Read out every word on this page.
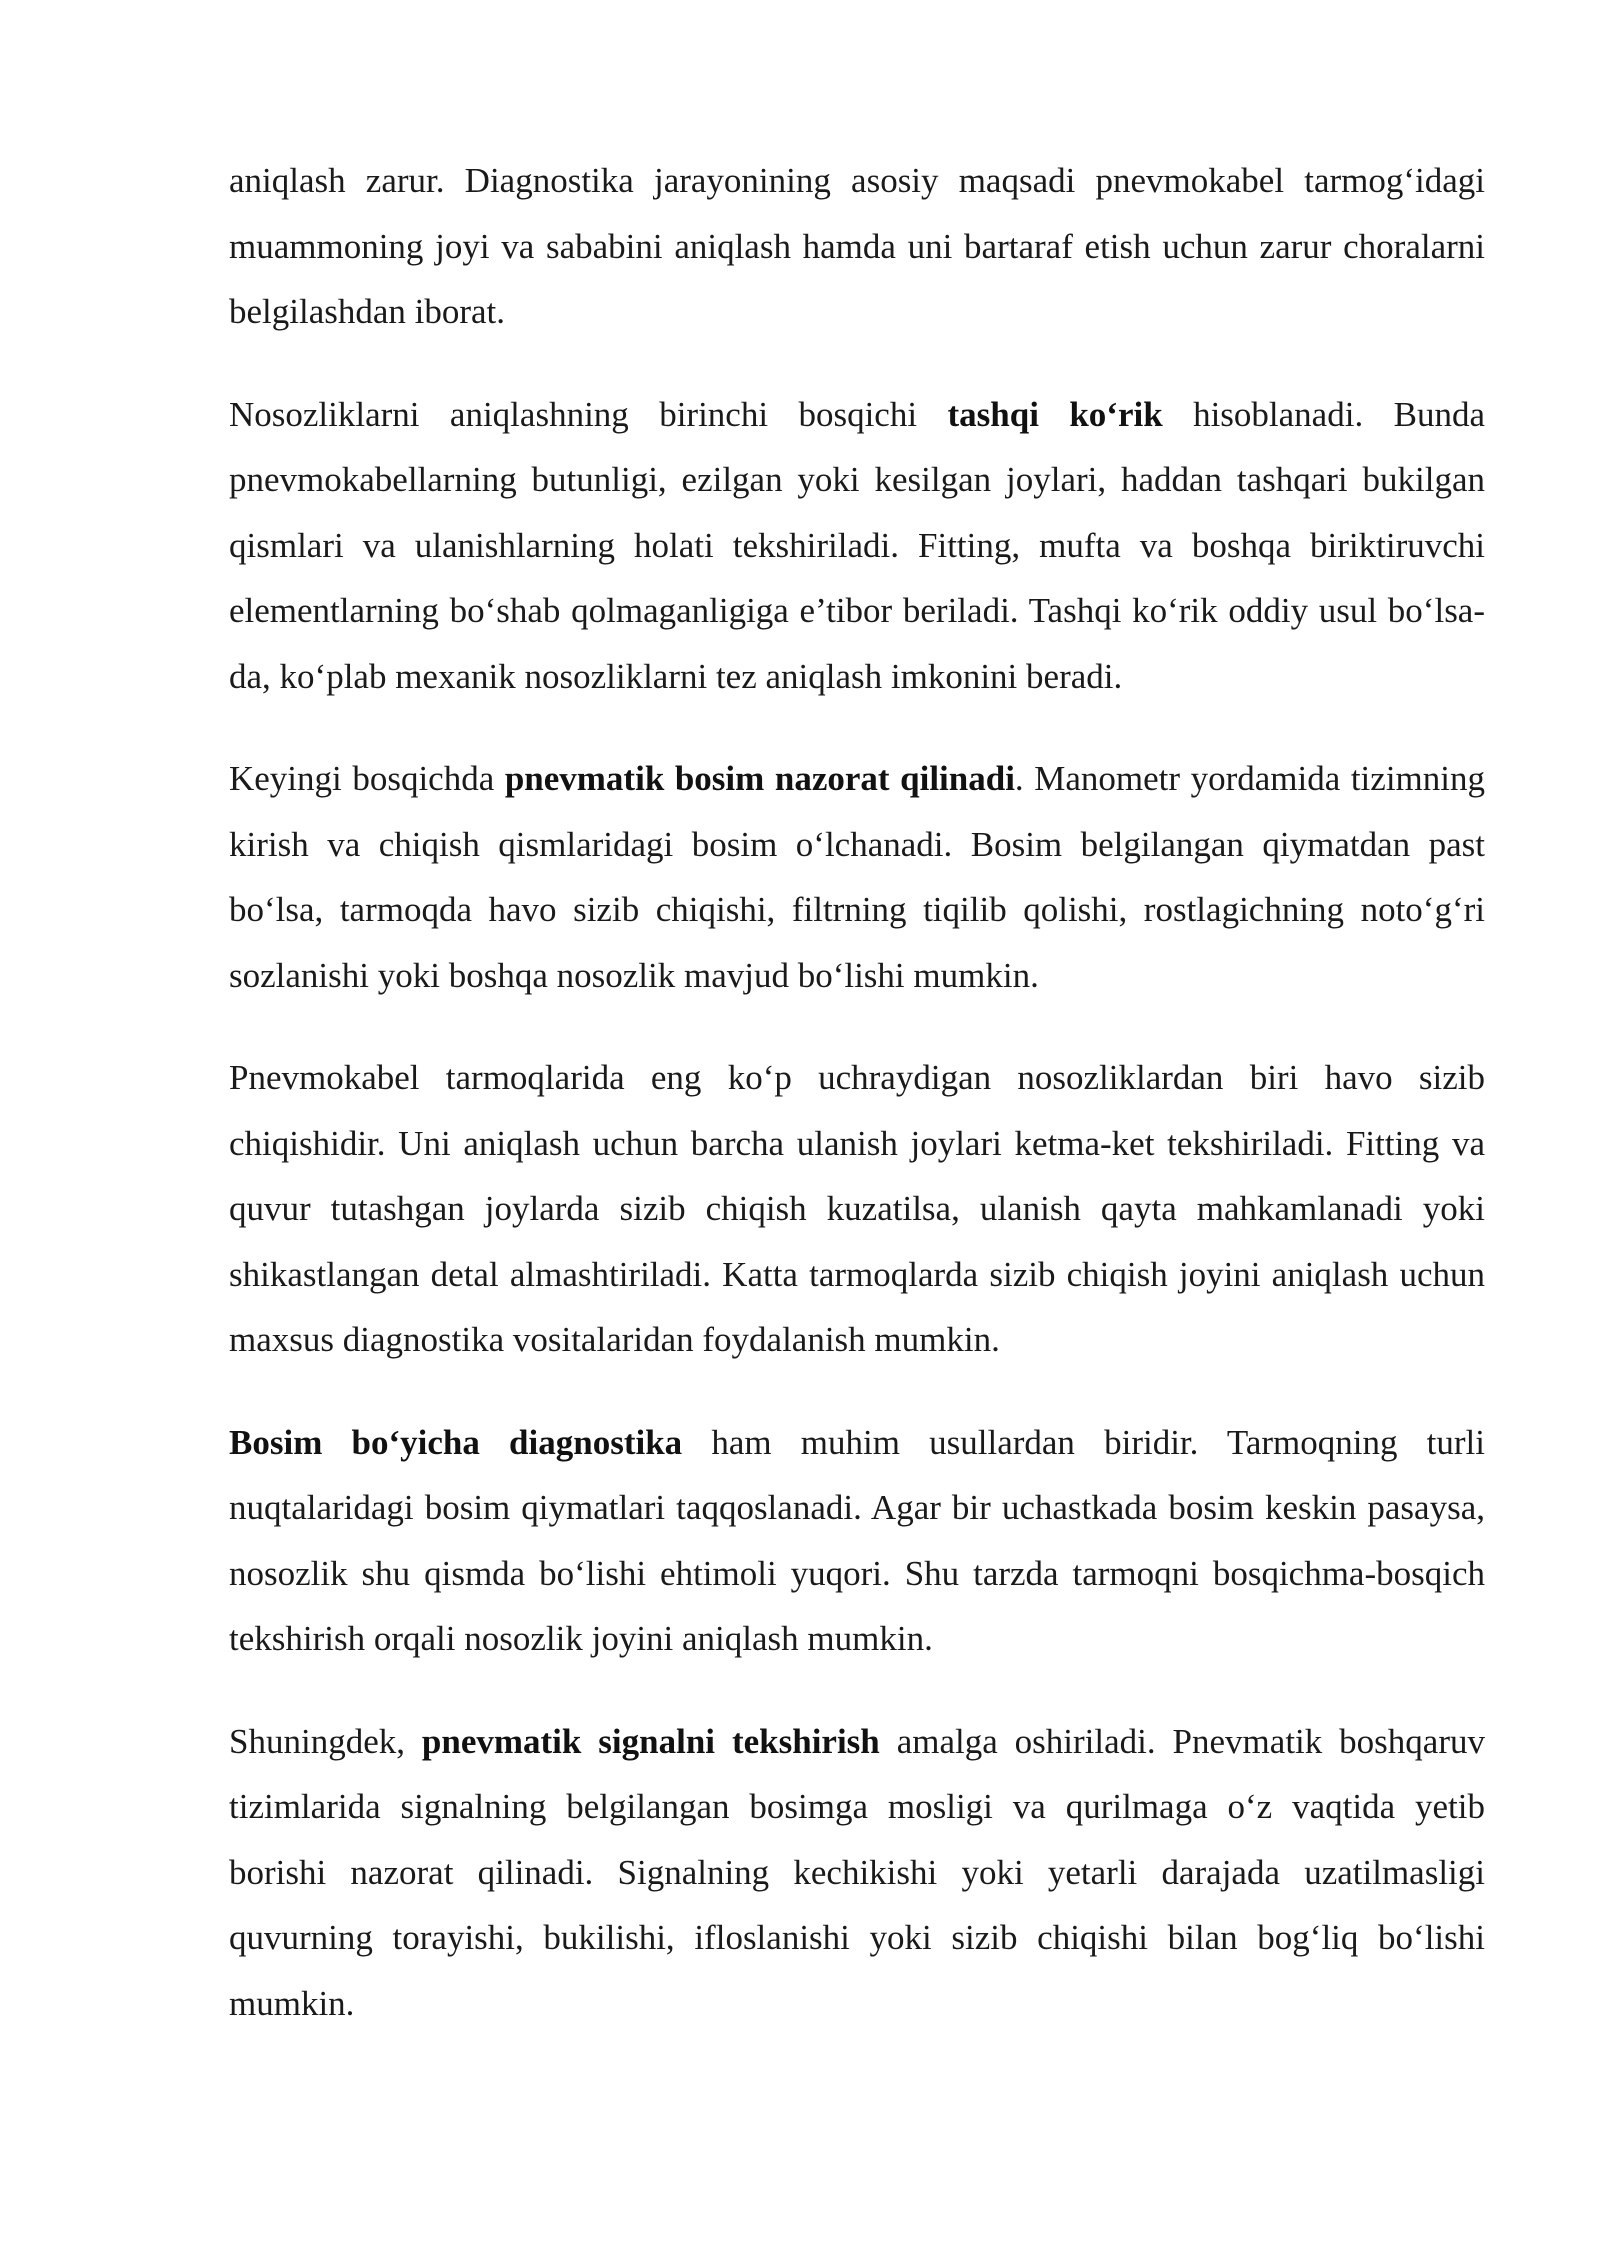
aniqlash zarur. Diagnostika jarayonining asosiy maqsadi pnevmokabel tarmog‘idagi muammoning joyi va sababini aniqlash hamda uni bartaraf etish uchun zarur choralarni belgilashdan iborat.

Nosozliklarni aniqlashning birinchi bosqichi tashqi ko‘rik hisoblanadi. Bunda pnevmokabellarning butunligi, ezilgan yoki kesilgan joylari, haddan tashqari bukilgan qismlari va ulanishlarning holati tekshiriladi. Fitting, mufta va boshqa biriktiruvchi elementlarning bo‘shab qolmaganligiga e’tibor beriladi. Tashqi ko‘rik oddiy usul bo‘lsa-da, ko‘plab mexanik nosozliklarni tez aniqlash imkonini beradi.

Keyingi bosqichda pnevmatik bosim nazorat qilinadi. Manometr yordamida tizimning kirish va chiqish qismlaridagi bosim o‘lchanadi. Bosim belgilangan qiymatdan past bo‘lsa, tarmoqda havo sizib chiqishi, filtrning tiqilib qolishi, rostlagichning noto‘g‘ri sozlanishi yoki boshqa nosozlik mavjud bo‘lishi mumkin.

Pnevmokabel tarmoqlarida eng ko‘p uchraydigan nosozliklardan biri havo sizib chiqishidir. Uni aniqlash uchun barcha ulanish joylari ketma-ket tekshiriladi. Fitting va quvur tutashgan joylarda sizib chiqish kuzatilsa, ulanish qayta mahkamlanadi yoki shikastlangan detal almashtiriladi. Katta tarmoqlarda sizib chiqish joyini aniqlash uchun maxsus diagnostika vositalaridan foydalanish mumkin.

Bosim bo‘yicha diagnostika ham muhim usullardan biridir. Tarmoqning turli nuqtalaridagi bosim qiymatlari taqqoslanadi. Agar bir uchastkada bosim keskin pasaysa, nosozlik shu qismda bo‘lishi ehtimoli yuqori. Shu tarzda tarmoqni bosqichma-bosqich tekshirish orqali nosozlik joyini aniqlash mumkin.

Shuningdek, pnevmatik signalni tekshirish amalga oshiriladi. Pnevmatik boshqaruv tizimlarida signalning belgilangan bosimga mosligi va qurilmaga o‘z vaqtida yetib borishi nazorat qilinadi. Signalning kechikishi yoki yetarli darajada uzatilmasligi quvurning torayishi, bukilishi, ifloslanishi yoki sizib chiqishi bilan bog‘liq bo‘lishi mumkin.
